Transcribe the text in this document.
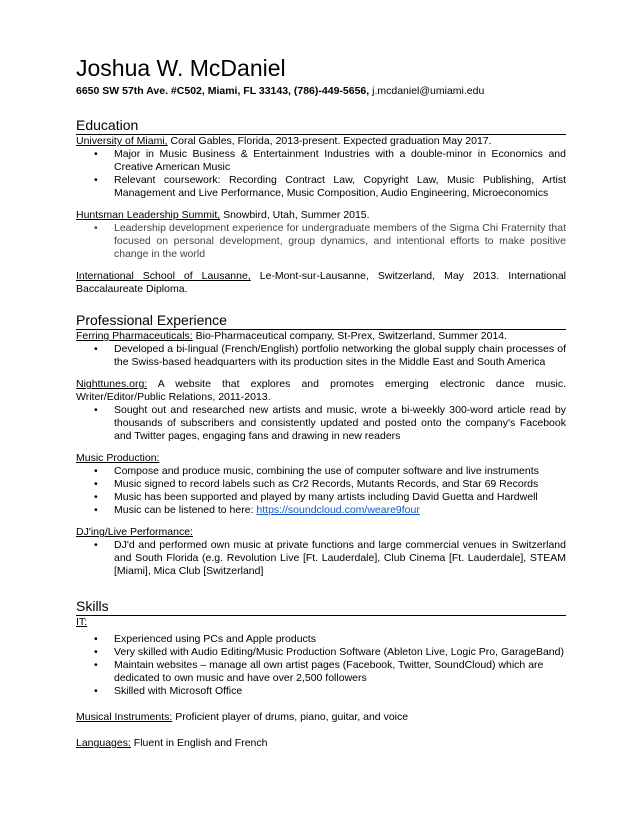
Joshua W. McDaniel
6650 SW 57th Ave. #C502, Miami, FL 33143, (786)-449-5656, j.mcdaniel@umiami.edu
Education

University of Miami, Coral Gables, Florida, 2013-present. Expected graduation May 2017.

• Major in Music Business & Entertainment Industries with a double-minor in Economics and Creative American Music
• Relevant coursework: Recording Contract Law, Copyright Law, Music Publishing, Artist Management and Live Performance, Music Composition, Audio Engineering, Microeconomics

Huntsman Leadership Summit, Snowbird, Utah, Summer 2015.

• Leadership development experience for undergraduate members of the Sigma Chi Fraternity that focused on personal development, group dynamics, and intentional efforts to make positive change in the world

International School of Lausanne, Le-Mont-sur-Lausanne, Switzerland, May 2013. International Baccalaureate Diploma.

Professional Experience

Ferring Pharmaceuticals: Bio-Pharmaceutical company, St-Prex, Switzerland, Summer 2014.

• Developed a bi-lingual (French/English) portfolio networking the global supply chain processes of the Swiss-based headquarters with its production sites in the Middle East and South America

Nighttunes.org: A website that explores and promotes emerging electronic dance music. Writer/Editor/Public Relations, 2011-2013.

• Sought out and researched new artists and music, wrote a bi-weekly 300-word article read by thousands of subscribers and consistently updated and posted onto the company's Facebook and Twitter pages, engaging fans and drawing in new readers

Music Production:

• Compose and produce music, combining the use of computer software and live instruments
• Music signed to record labels such as Cr2 Records, Mutants Records, and Star 69 Records
• Music has been supported and played by many artists including David Guetta and Hardwell
• Music can be listened to here: https://soundcloud.com/weare9four

DJ'ing/Live Performance:

• DJ'd and performed own music at private functions and large commercial venues in Switzerland and South Florida (e.g. Revolution Live [Ft. Lauderdale], Club Cinema [Ft. Lauderdale], STEAM [Miami], Mica Club [Switzerland]
Skills

IT:

• Experienced using PCs and Apple products
• Very skilled with Audio Editing/Music Production Software (Ableton Live, Logic Pro, GarageBand)
• Maintain websites – manage all own artist pages (Facebook, Twitter, SoundCloud) which are dedicated to own music and have over 2,500 followers
• Skilled with Microsoft Office

Musical Instruments: Proficient player of drums, piano, guitar, and voice

Languages: Fluent in English and French
